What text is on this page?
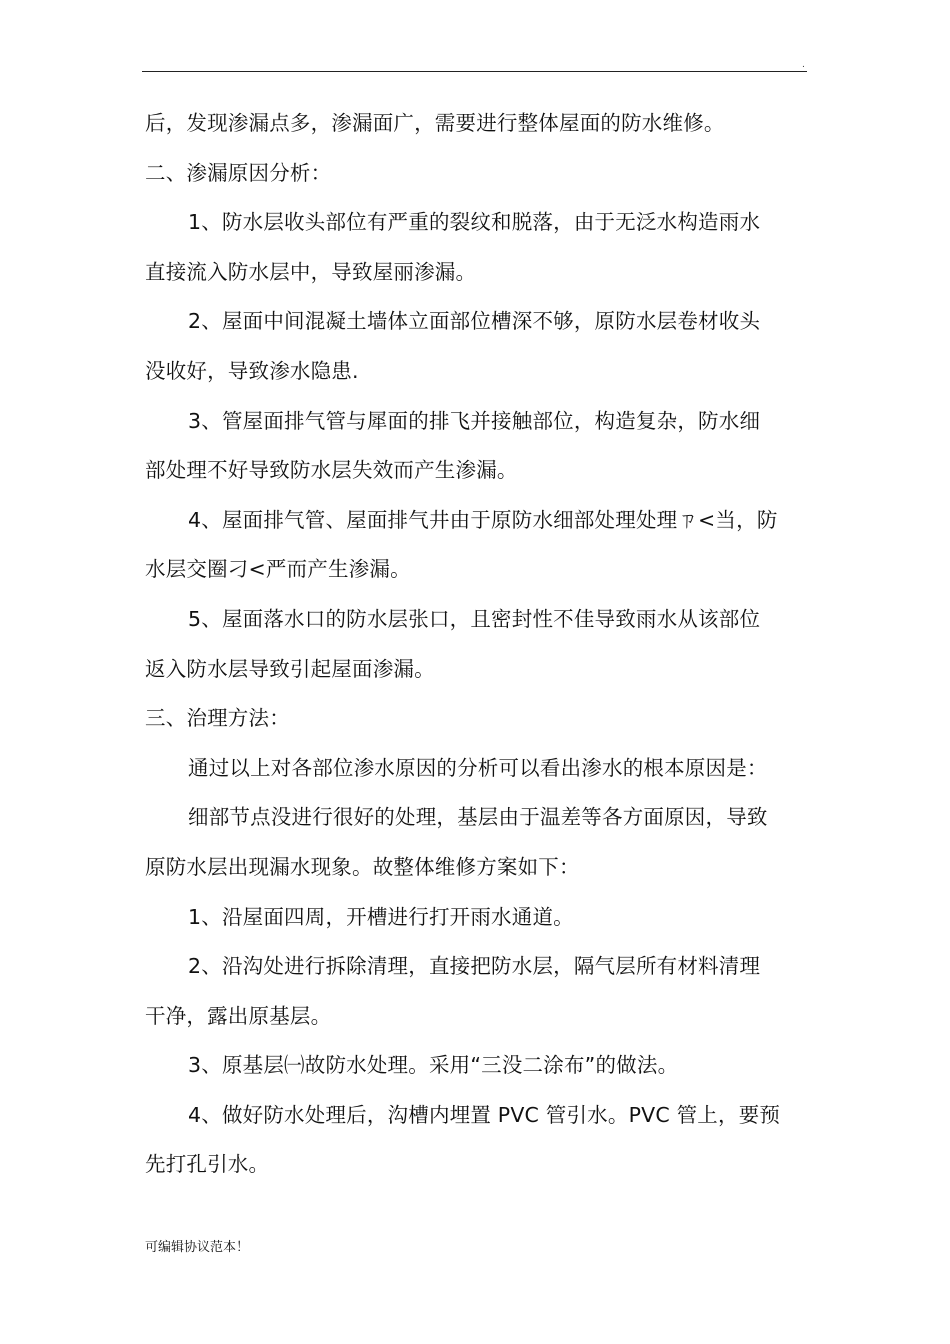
.

后，发现渗漏点多，渗漏面广，需要进行整体屋面的防水维修。

二、渗漏原因分析：

1、防水层收头部位有严重的裂纹和脱落，由于无泛水构造雨水

直接流入防水层中，导致屋丽渗漏。

2、屋面中间混凝土墙体立面部位槽深不够，原防水层卷材收头

没收好，导致渗水隐患.

3、管屋面排气管与犀面的排飞并接触部位，构造复杂，防水细

部处理不好导致防水层失效而产生渗漏。

4、屋面排气管、屋面排气井由于原防水细部处理处理ㄗ<当，防

水层交圈刁<严而产生渗漏。

5、屋面落水口的防水层张口，且密封性不佳导致雨水从该部位

返入防水层导致引起屋面渗漏。

三、治理方法：

通过以上对各部位渗水原因的分析可以看出渗水的根本原因是：

细部节点没进行很好的处理，基层由于温差等各方面原因，导致

原防水层出现漏水现象。故整体维修方案如下：

1、沿屋面四周，开槽进行打开雨水通道。

2、沿沟处进行拆除清理，直接把防水层，隔气层所有材料清理

干净，露出原基层。

3、原基层㈠故防水处理。采用“三没二涂布”的做法。

4、做好防水处理后，沟槽内埋置 PVC 管引水。PVC 管上，要预

先打孔引水。

可编辑协议范本！
